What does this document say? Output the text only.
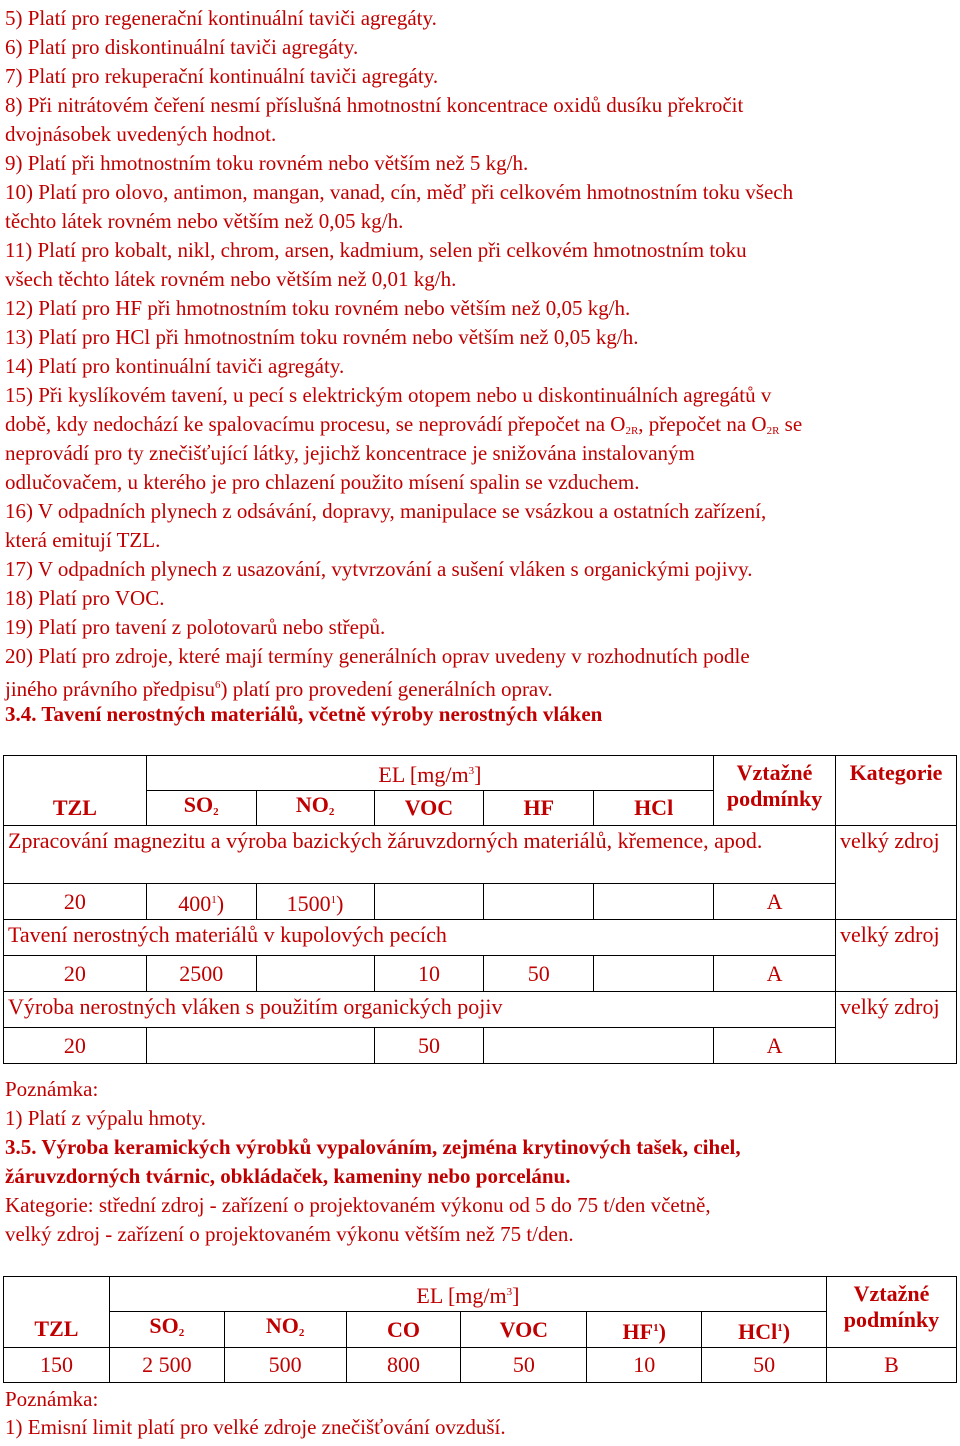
5) Platí pro regenerační kontinuální taviči agregáty.
6) Platí pro diskontinuální taviči agregáty.
7) Platí pro rekuperační kontinuální taviči agregáty.
8) Při nitrátovém čeření nesmí příslušná hmotnostní koncentrace oxidů dusíku překročit
dvojnásobek uvedených hodnot.
9) Platí při hmotnostním toku rovném nebo větším než 5 kg/h.
10) Platí pro olovo, antimon, mangan, vanad, cín, měď při celkovém hmotnostním toku všech
těchto látek rovném nebo větším než 0,05 kg/h.
11) Platí pro kobalt, nikl, chrom, arsen, kadmium, selen při celkovém hmotnostním toku
všech těchto látek rovném nebo větším než 0,01 kg/h.
12) Platí pro HF při hmotnostním toku rovném nebo větším než 0,05 kg/h.
13) Platí pro HCl při hmotnostním toku rovném nebo větším než 0,05 kg/h.
14) Platí pro kontinuální taviči agregáty.
15) Při kyslíkovém tavení, u pecí s elektrickým otopem nebo u diskontinuálních agregátů v
době, kdy nedochází ke spalovacímu procesu, se neprovádí přepočet na $O_{2R}$, přepočet na $O_{2R}$ se
neprovádí pro ty znečišťující látky, jejichž koncentrace je snižována instalovaným
odlučovačem, u kterého je pro chlazení použito mísení spalin se vzduchem.
16) V odpadních plynech z odsávání, dopravy, manipulace se vsázkou a ostatních zařízení,
která emitují TZL.
17) V odpadních plynech z usazování, vytvrzování a sušení vláken s organickými pojivy.
18) Platí pro VOC.
19) Platí pro tavení z polotovarů nebo střepů.
20) Platí pro zdroje, které mají termíny generálních oprav uvedeny v rozhodnutích podle
jiného právního předpisu$^6$) platí pro provedení generálních oprav.
3.4. Tavení nerostných materiálů, včetně výroby nerostných vláken
	EL $[mg/m^3]$					Vztažné podmínky	Kategorie
TZL	$SO_2$	$NO_2$	VOC	HF	HCl		
Zpracování magnezitu a výroba bazických žáruvzdorných materiálů, křemence, apod.							velký zdroj
20	$400^1$)	1500$^1$)				A	
Tavení nerostných materiálů v kupolových pecích							velký zdroj
20	2500		10	50		A	
Výroba nerostných vláken s použitím organických pojiv							velký zdroj
20			50			A	
Poznámka:
1) Platí z výpalu hmoty.
3.5. Výroba keramických výrobků vypalováním, zejména krytinových tašek, cihel,
žáruvzdorných tvárnic, obkládaček, kameniny nebo porcelánu.
Kategorie: střední zdroj - zařízení o projektovaném výkonu od 5 do 75 t/den včetně,
velký zdroj - zařízení o projektovaném výkonu větším než 75 t/den.
	EL $[mg/m^3]$						Vztažné podmínky
TZL	$SO_2$	$NO_2$	CO	VOC	$HF^1$)	HCl$^1$)	
150	2 500	500	800	50	10	50	B
Poznámka:
1) Emisní limit platí pro velké zdroje znečišťování ovzduší.
